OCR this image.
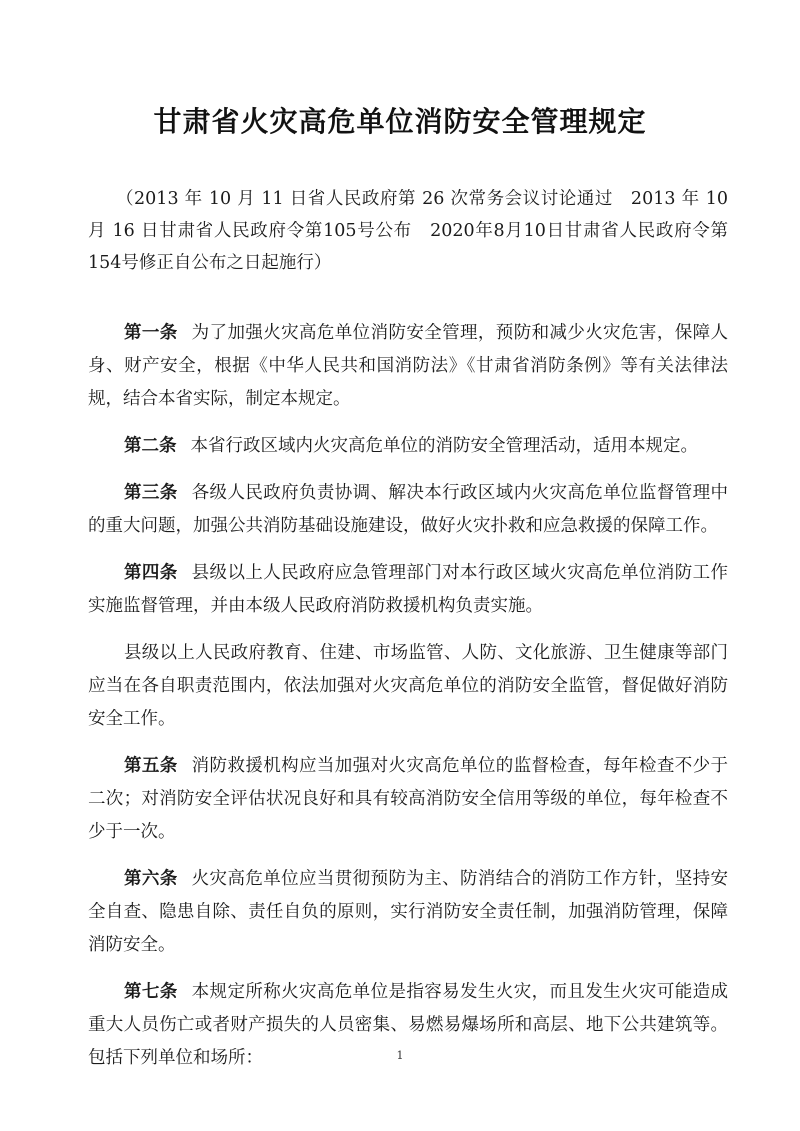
甘肃省火灾高危单位消防安全管理规定
（2013 年 10 月 11 日省人民政府第 26 次常务会议讨论通过　2013 年 10 月 16 日甘肃省人民政府令第105号公布　2020年8月10日甘肃省人民政府令第154号修正自公布之日起施行）

第一条 为了加强火灾高危单位消防安全管理，预防和减少火灾危害，保障人身、财产安全，根据《中华人民共和国消防法》《甘肃省消防条例》等有关法律法规，结合本省实际，制定本规定。

第二条 本省行政区域内火灾高危单位的消防安全管理活动，适用本规定。

第三条 各级人民政府负责协调、解决本行政区域内火灾高危单位监督管理中的重大问题，加强公共消防基础设施建设，做好火灾扑救和应急救援的保障工作。

第四条 县级以上人民政府应急管理部门对本行政区域火灾高危单位消防工作实施监督管理，并由本级人民政府消防救援机构负责实施。

县级以上人民政府教育、住建、市场监管、人防、文化旅游、卫生健康等部门应当在各自职责范围内，依法加强对火灾高危单位的消防安全监管，督促做好消防安全工作。

第五条 消防救援机构应当加强对火灾高危单位的监督检查，每年检查不少于二次；对消防安全评估状况良好和具有较高消防安全信用等级的单位，每年检查不少于一次。

第六条 火灾高危单位应当贯彻预防为主、防消结合的消防工作方针，坚持安全自查、隐患自除、责任自负的原则，实行消防安全责任制，加强消防管理，保障消防安全。

第七条 本规定所称火灾高危单位是指容易发生火灾，而且发生火灾可能造成重大人员伤亡或者财产损失的人员密集、易燃易爆场所和高层、地下公共建筑等。包括下列单位和场所：	1
